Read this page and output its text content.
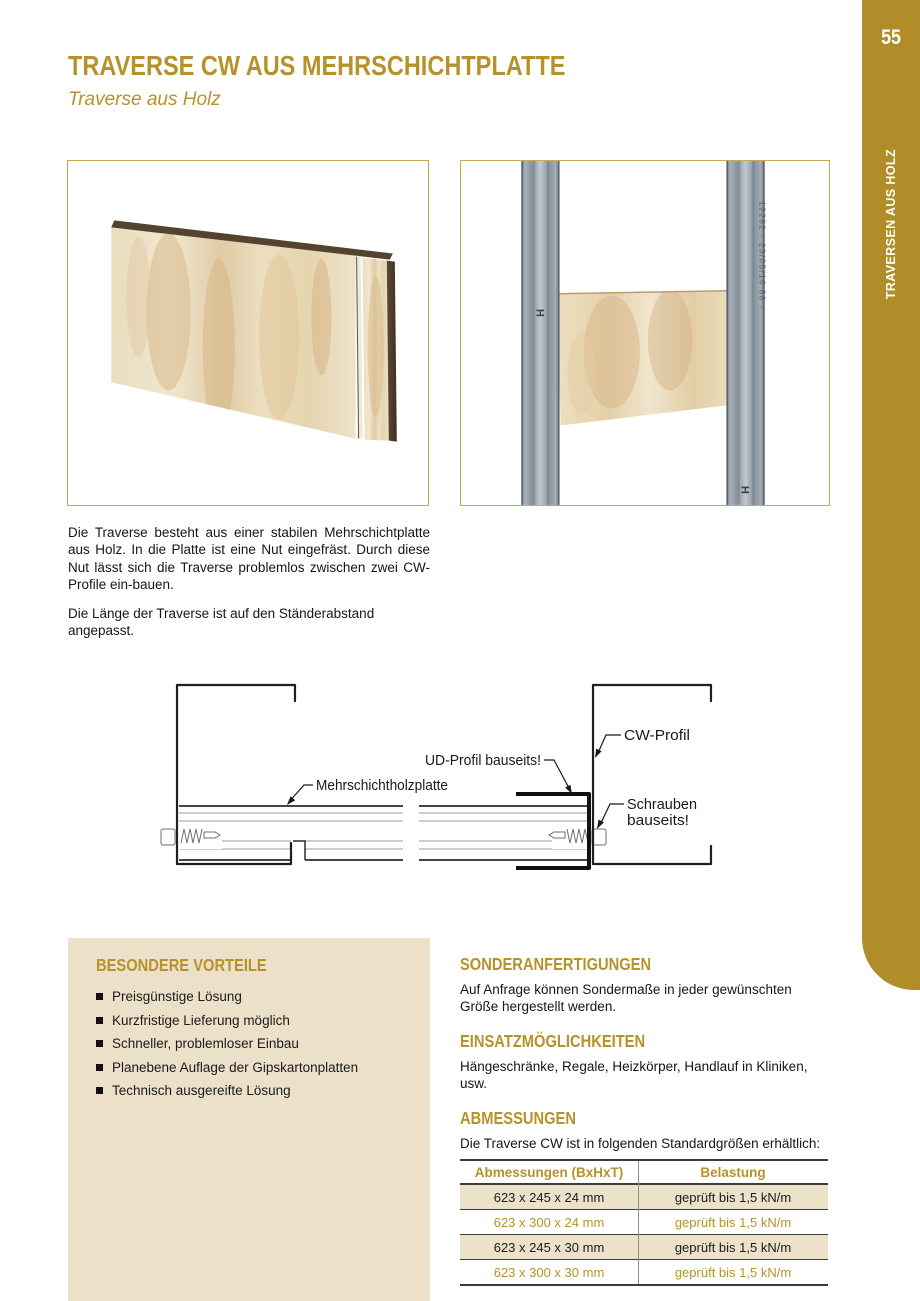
55
TRAVERSEN AUS HOLZ
TRAVERSE CW AUS MEHRSCHICHTPLATTE
Traverse aus Holz
H
H
12282 - 23/05/16 88 -

Die Traverse besteht aus einer stabilen Mehrschichtplatte aus Holz. In die Platte ist eine Nut eingefräst. Durch diese Nut lässt sich die Traverse problemlos zwischen zwei CW-Profile ein-bauen.

Die Länge der Traverse ist auf den Ständerabstand angepasst.

Mehrschichtholzplatte
UD-Profil bauseits!
CW-Profil
Schrauben
bauseits!
BESONDERE VORTEILE
Preisgünstige Lösung
Kurzfristige Lieferung möglich
Schneller, problemloser Einbau
Planebene Auflage der Gipskartonplatten
Technisch ausgereifte Lösung
SONDERANFERTIGUNGEN

Auf Anfrage können Sondermaße in jeder gewünschten Größe hergestellt werden.

EINSATZMÖGLICHKEITEN

Hängeschränke, Regale, Heizkörper, Handlauf in Kliniken, usw.

ABMESSUNGEN

Die Traverse CW ist in folgenden Standardgrößen erhältlich:

Abmessungen (BxHxT)	Belastung
623 x 245 x 24 mm	geprüft bis 1,5 kN/m
623 x 300 x 24 mm	geprüft bis 1,5 kN/m
623 x 245 x 30 mm	geprüft bis 1,5 kN/m
623 x 300 x 30 mm	geprüft bis 1,5 kN/m
